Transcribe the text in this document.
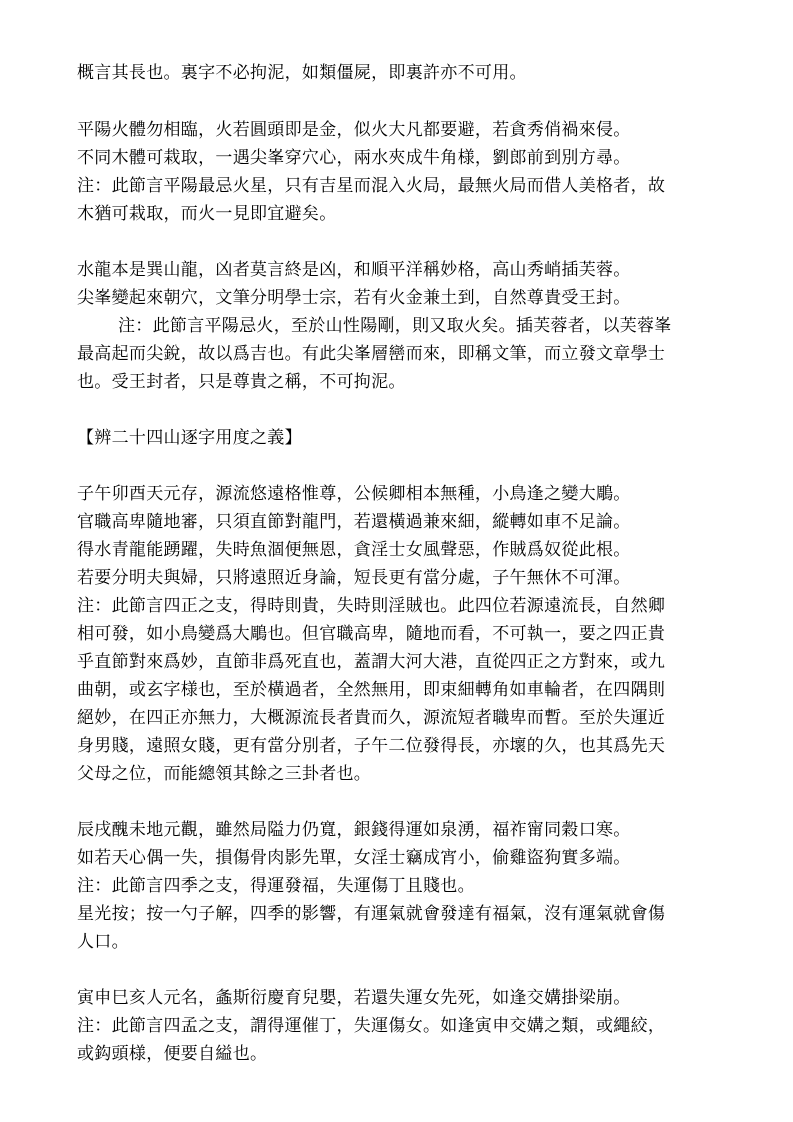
概言其長也。裏字不必拘泥，如類僵屍，即裏許亦不可用。
平陽火體勿相臨，火若圓頭即是金，似火大凡都要避，若貪秀俏禍來侵。
不同木體可栽取，一遇尖峯穿穴心，兩水夾成牛角様，劉郎前到別方尋。
注：此節言平陽最忌火星，只有吉星而混入火局，最無火局而借人美格者，故
木猶可栽取，而火一見即宜避矣。
水龍本是巽山龍，凶者莫言終是凶，和順平洋稱妙格，高山秀峭插芙蓉。
尖峯變起來朝穴，文筆分明學士宗，若有火金兼土到，自然尊貴受王封。
注：此節言平陽忌火，至於山性陽剛，則又取火矣。插芙蓉者，以芙蓉峯
最高起而尖銳，故以爲吉也。有此尖峯層巒而來，即稱文筆，而立發文章學士
也。受王封者，只是尊貴之稱，不可拘泥。
【辨二十四山逐字用度之義】
子午卯酉天元存，源流悠遠格惟尊，公候卿相本無種，小鳥逢之變大鵰。
官職高卑隨地審，只須直節對龍門，若還橫過兼來細，縱轉如車不足論。
得水青龍能踴躍，失時魚涸便無恩，貪淫士女風聲惡，作賊爲奴從此根。
若要分明夫與婦，只將遠照近身論，短長更有當分處，子午無休不可渾。
注：此節言四正之支，得時則貴，失時則淫賊也。此四位若源遠流長，自然卿
相可發，如小鳥變爲大鵰也。但官職高卑，隨地而看，不可執一，要之四正貴
乎直節對來爲妙，直節非爲死直也，蓋謂大河大港，直從四正之方對來，或九
曲朝，或玄字様也，至於橫過者，全然無用，即束細轉角如車輪者，在四隅則
絕妙，在四正亦無力，大概源流長者貴而久，源流短者職卑而暫。至於失運近
身男賤，遠照女賤，更有當分別者，子午二位發得長，亦壞的久，也其爲先天
父母之位，而能總領其餘之三卦者也。
辰戌醜未地元觀，雖然局隘力仍寬，銀錢得運如泉湧，福祚甯同穀口寒。
如若天心偶一失，損傷骨肉影先單，女淫士竊成宵小，偷雞盜狗實多端。
注：此節言四季之支，得運發福，失運傷丁且賤也。
星光按；按一勺子解，四季的影響，有運氣就會發達有福氣，沒有運氣就會傷
人口。
寅申巳亥人元名，螽斯衍慶育兒嬰，若還失運女先死，如逢交媾掛梁崩。
注：此節言四孟之支，謂得運催丁，失運傷女。如逢寅申交媾之類，或繩絞，
或鈎頭様，便要自縊也。
